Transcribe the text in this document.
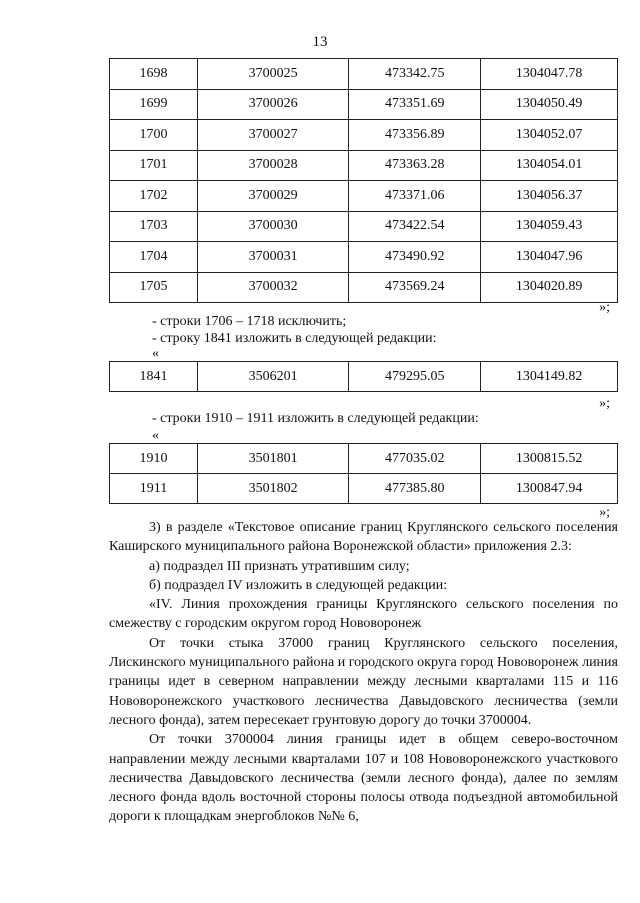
13
1698	3700025	473342.75	1304047.78
1699	3700026	473351.69	1304050.49
1700	3700027	473356.89	1304052.07
1701	3700028	473363.28	1304054.01
1702	3700029	473371.06	1304056.37
1703	3700030	473422.54	1304059.43
1704	3700031	473490.92	1304047.96
1705	3700032	473569.24	1304020.89
»;
- строки 1706 – 1718 исключить;
- строку 1841 изложить в следующей редакции:
«
1841	3506201	479295.05	1304149.82
»;
- строки 1910 – 1911 изложить в следующей редакции:
«
1910	3501801	477035.02	1300815.52
1911	3501802	477385.80	1300847.94
»;

3) в разделе «Текстовое описание границ Круглянского сельского поселения Каширского муниципального района Воронежской области» приложения 2.3:

а) подраздел III признать утратившим силу;

б) подраздел IV изложить в следующей редакции:

«IV. Линия прохождения границы Круглянского сельского поселения по смежеству с городским округом город Нововоронеж

От точки стыка 37000 границ Круглянского сельского поселения, Лискинского муниципального района и городского округа город Нововоронеж линия границы идет в северном направлении между лесными кварталами 115 и 116 Нововоронежского участкового лесничества Давыдовского лесничества (земли лесного фонда), затем пересекает грунтовую дорогу до точки 3700004.

От точки 3700004 линия границы идет в общем северо-восточном направлении между лесными кварталами 107 и 108 Нововоронежского участкового лесничества Давыдовского лесничества (земли лесного фонда), далее по землям лесного фонда вдоль восточной стороны полосы отвода подъездной автомобильной дороги к площадкам энергоблоков №№ 6,
